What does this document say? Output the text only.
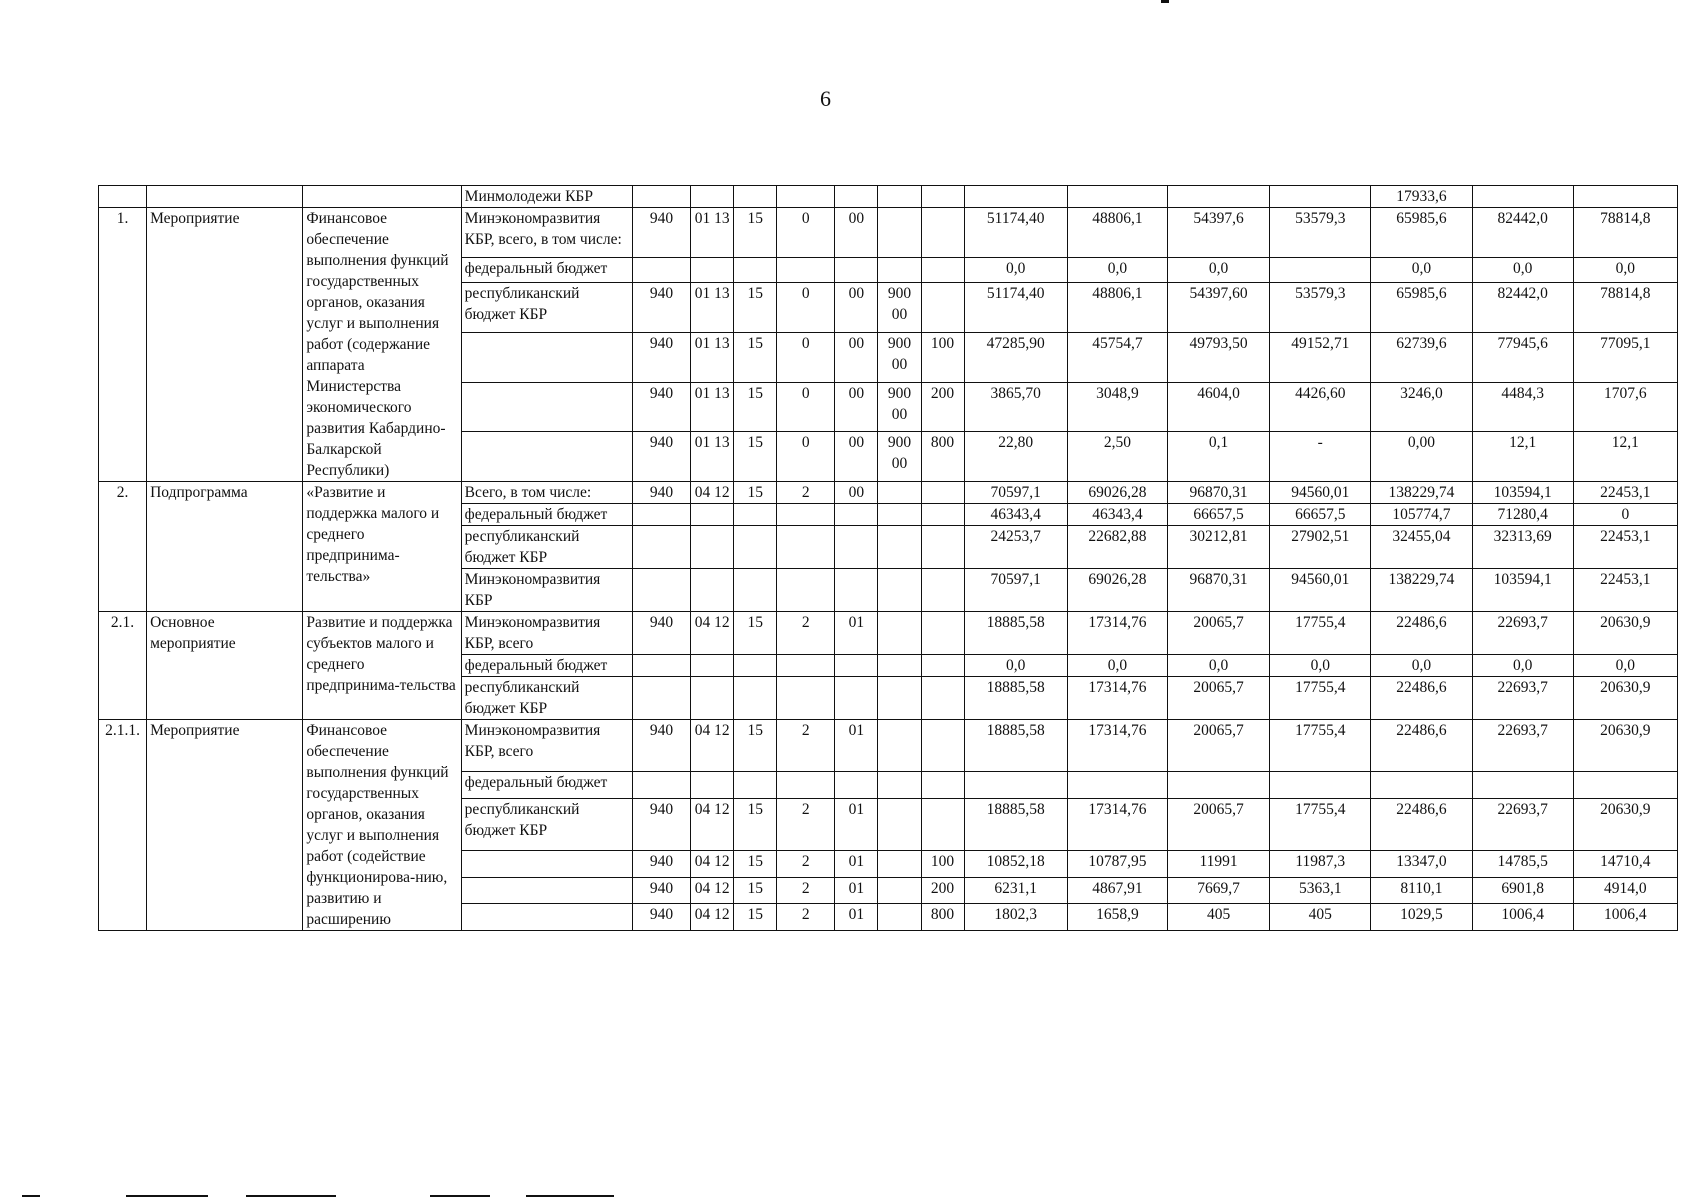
6
			Минмолодежи КБР												17933,6		
1.	Мероприятие	Финансовое обеспечение выполнения функций государственных органов, оказания услуг и выполнения работ (содержание аппарата Министерства экономического развития Кабардино-Балкарской Республики)	Минэкономразвития КБР, всего, в том числе:	940	01 13	15	0	00			51174,40	48806,1	54397,6	53579,3	65985,6	82442,0	78814,8
			федеральный бюджет								0,0	0,0	0,0		0,0	0,0	0,0
			республиканский бюджет КБР	940	01 13	15	0	00	900 00		51174,40	48806,1	54397,60	53579,3	65985,6	82442,0	78814,8
				940	01 13	15	0	00	900 00	100	47285,90	45754,7	49793,50	49152,71	62739,6	77945,6	77095,1
				940	01 13	15	0	00	900 00	200	3865,70	3048,9	4604,0	4426,60	3246,0	4484,3	1707,6
				940	01 13	15	0	00	900 00	800	22,80	2,50	0,1	-	0,00	12,1	12,1
2.	Подпрограмма	«Развитие и поддержка малого и среднего предпринима-тельства»	Всего, в том числе:	940	04 12	15	2	00			70597,1	69026,28	96870,31	94560,01	138229,74	103594,1	22453,1
			федеральный бюджет								46343,4	46343,4	66657,5	66657,5	105774,7	71280,4	0
			республиканский бюджет КБР								24253,7	22682,88	30212,81	27902,51	32455,04	32313,69	22453,1
			Минэкономразвития КБР								70597,1	69026,28	96870,31	94560,01	138229,74	103594,1	22453,1
2.1.	Основное мероприятие	Развитие и поддержка субъектов малого и среднего предпринима-тельства	Минэкономразвития КБР, всего	940	04 12	15	2	01			18885,58	17314,76	20065,7	17755,4	22486,6	22693,7	20630,9
			федеральный бюджет								0,0	0,0	0,0	0,0	0,0	0,0	0,0
			республиканский бюджет КБР								18885,58	17314,76	20065,7	17755,4	22486,6	22693,7	20630,9
2.1.1.	Мероприятие	Финансовое обеспечение выполнения функций государственных органов, оказания услуг и выполнения работ (содействие функционирова-нию, развитию и расширению	Минэкономразвития КБР, всего	940	04 12	15	2	01			18885,58	17314,76	20065,7	17755,4	22486,6	22693,7	20630,9
			федеральный бюджет														
			республиканский бюджет КБР	940	04 12	15	2	01			18885,58	17314,76	20065,7	17755,4	22486,6	22693,7	20630,9
				940	04 12	15	2	01		100	10852,18	10787,95	11991	11987,3	13347,0	14785,5	14710,4
				940	04 12	15	2	01		200	6231,1	4867,91	7669,7	5363,1	8110,1	6901,8	4914,0
				940	04 12	15	2	01		800	1802,3	1658,9	405	405	1029,5	1006,4	1006,4
